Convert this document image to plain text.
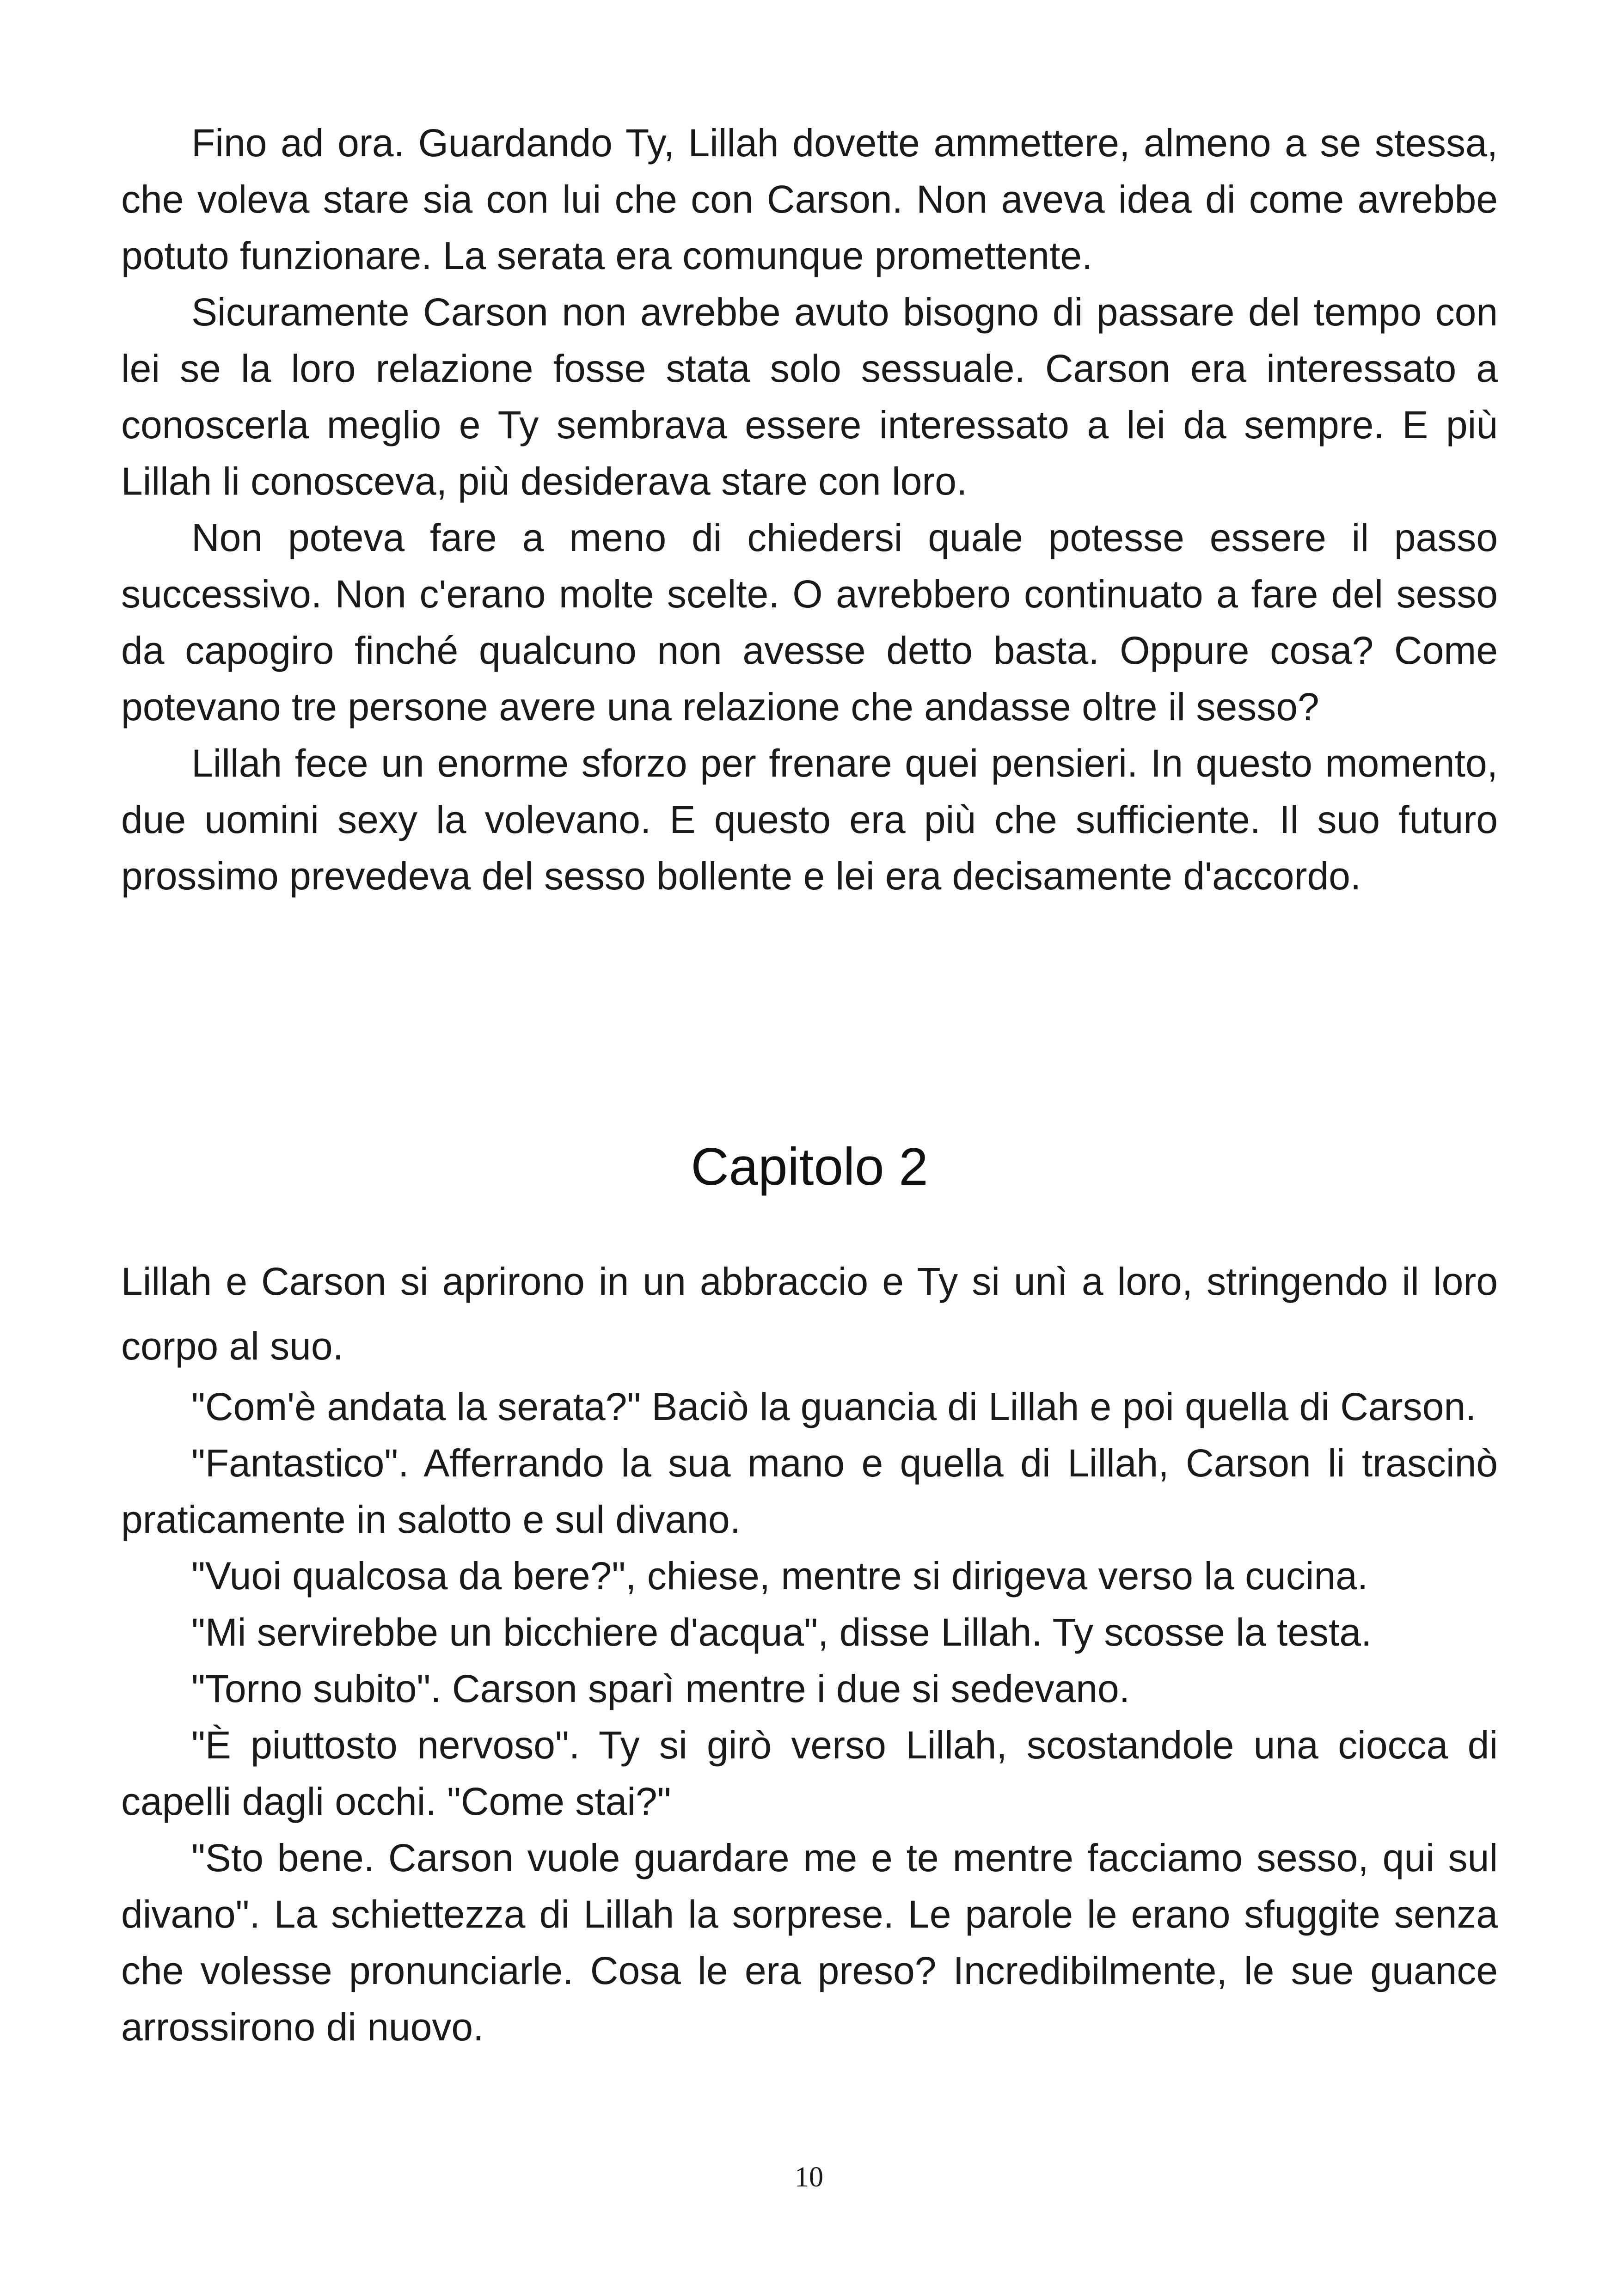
Fino ad ora. Guardando Ty, Lillah dovette ammettere, almeno a se stessa, che voleva stare sia con lui che con Carson. Non aveva idea di come avrebbe potuto funzionare. La serata era comunque promettente.

Sicuramente Carson non avrebbe avuto bisogno di passare del tempo con lei se la loro relazione fosse stata solo sessuale. Carson era interessato a conoscerla meglio e Ty sembrava essere interessato a lei da sempre. E più Lillah li conosceva, più desiderava stare con loro.

Non poteva fare a meno di chiedersi quale potesse essere il passo successivo. Non c'erano molte scelte. O avrebbero continuato a fare del sesso da capogiro finché qualcuno non avesse detto basta. Oppure cosa? Come potevano tre persone avere una relazione che andasse oltre il sesso?

Lillah fece un enorme sforzo per frenare quei pensieri. In questo momento, due uomini sexy la volevano. E questo era più che sufficiente. Il suo futuro prossimo prevedeva del sesso bollente e lei era decisamente d'accordo.

Capitolo 2

Lillah e Carson si aprirono in un abbraccio e Ty si unì a loro, stringendo il loro corpo al suo.

"Com'è andata la serata?" Baciò la guancia di Lillah e poi quella di Carson.

"Fantastico". Afferrando la sua mano e quella di Lillah, Carson li trascinò praticamente in salotto e sul divano.

"Vuoi qualcosa da bere?", chiese, mentre si dirigeva verso la cucina.

"Mi servirebbe un bicchiere d'acqua", disse Lillah. Ty scosse la testa.

"Torno subito". Carson sparì mentre i due si sedevano.

"È piuttosto nervoso". Ty si girò verso Lillah, scostandole una ciocca di capelli dagli occhi. "Come stai?"

"Sto bene. Carson vuole guardare me e te mentre facciamo sesso, qui sul divano". La schiettezza di Lillah la sorprese. Le parole le erano sfuggite senza che volesse pronunciarle. Cosa le era preso? Incredibilmente, le sue guance arrossirono di nuovo.

10
